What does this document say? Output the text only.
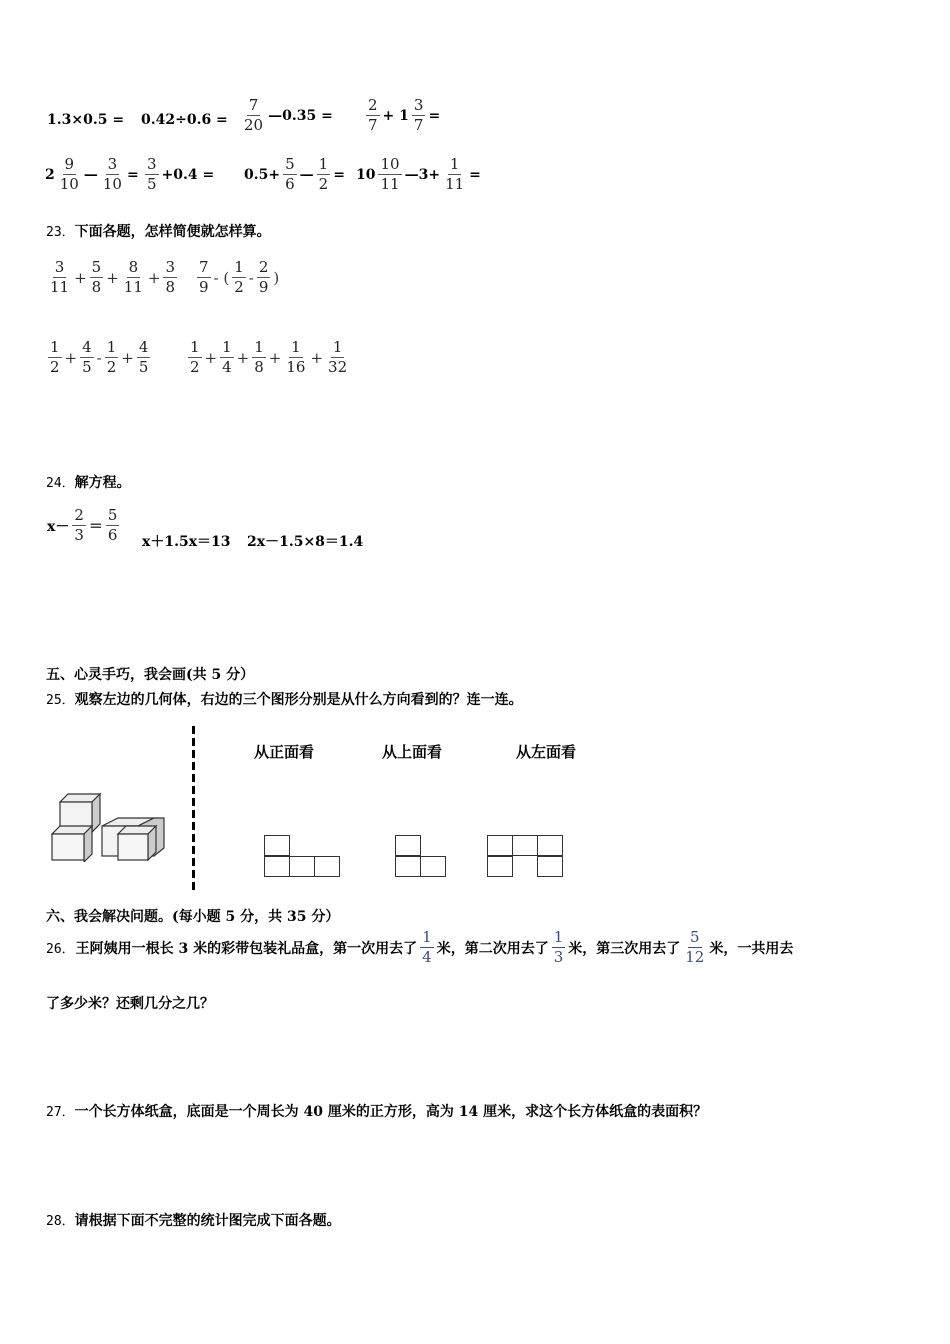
$1.3\times 0.5 = 0.42\div 0.6 = \frac{7}{20}$ —0.35 = $\frac{2}{7} + 1 \frac{3}{7}$ =
$2 \frac{9}{10}$ — $\frac{3}{10} = \frac{3}{5} +0.4 = 0.5+ \frac{5}{6}$ — $\frac{1}{2} = 10 \frac{10}{11}$ —3+ $\frac{1}{11}$ =
23．下面各题，怎样简便就怎样算。
$\frac{3}{11} + \frac{5}{8} + \frac{8}{11} + \frac{3}{8} \frac{7}{9}$ - ( $\frac{1}{2} - \frac{2}{9}$ )
$\frac{1}{2} + \frac{4}{5} - \frac{1}{2} + \frac{4}{5}$	$\frac{1}{2} + \frac{1}{4} + \frac{1}{8} + \frac{1}{16} + \frac{1}{32}$
24．解方程。
$x- \frac{2}{3} = \frac{5}{6} x+1.5x=13$ 2x－1.5×8＝1.4
五、心灵手巧，我会画(共 5 分）
25．观察左边的几何体，右边的三个图形分别是从什么方向看到的？连一连。
从正面看	从上面看	从左面看
六、我会解决问题。(每小题 5 分，共 35 分）
26． 王阿姨用一根长 3 米的彩带包装礼品盒，第一次用去了 $\frac{1}{4}$ 米，第二次用去了 $\frac{1}{3}$ 米，第三次用去了 $\frac{5}{12}$ 米，一共用去
了多少米？还剩几分之几？
27．一个长方体纸盒，底面是一个周长为 40 厘米的正方形，高为 14 厘米，求这个长方体纸盒的表面积？
28．请根据下面不完整的统计图完成下面各题。
